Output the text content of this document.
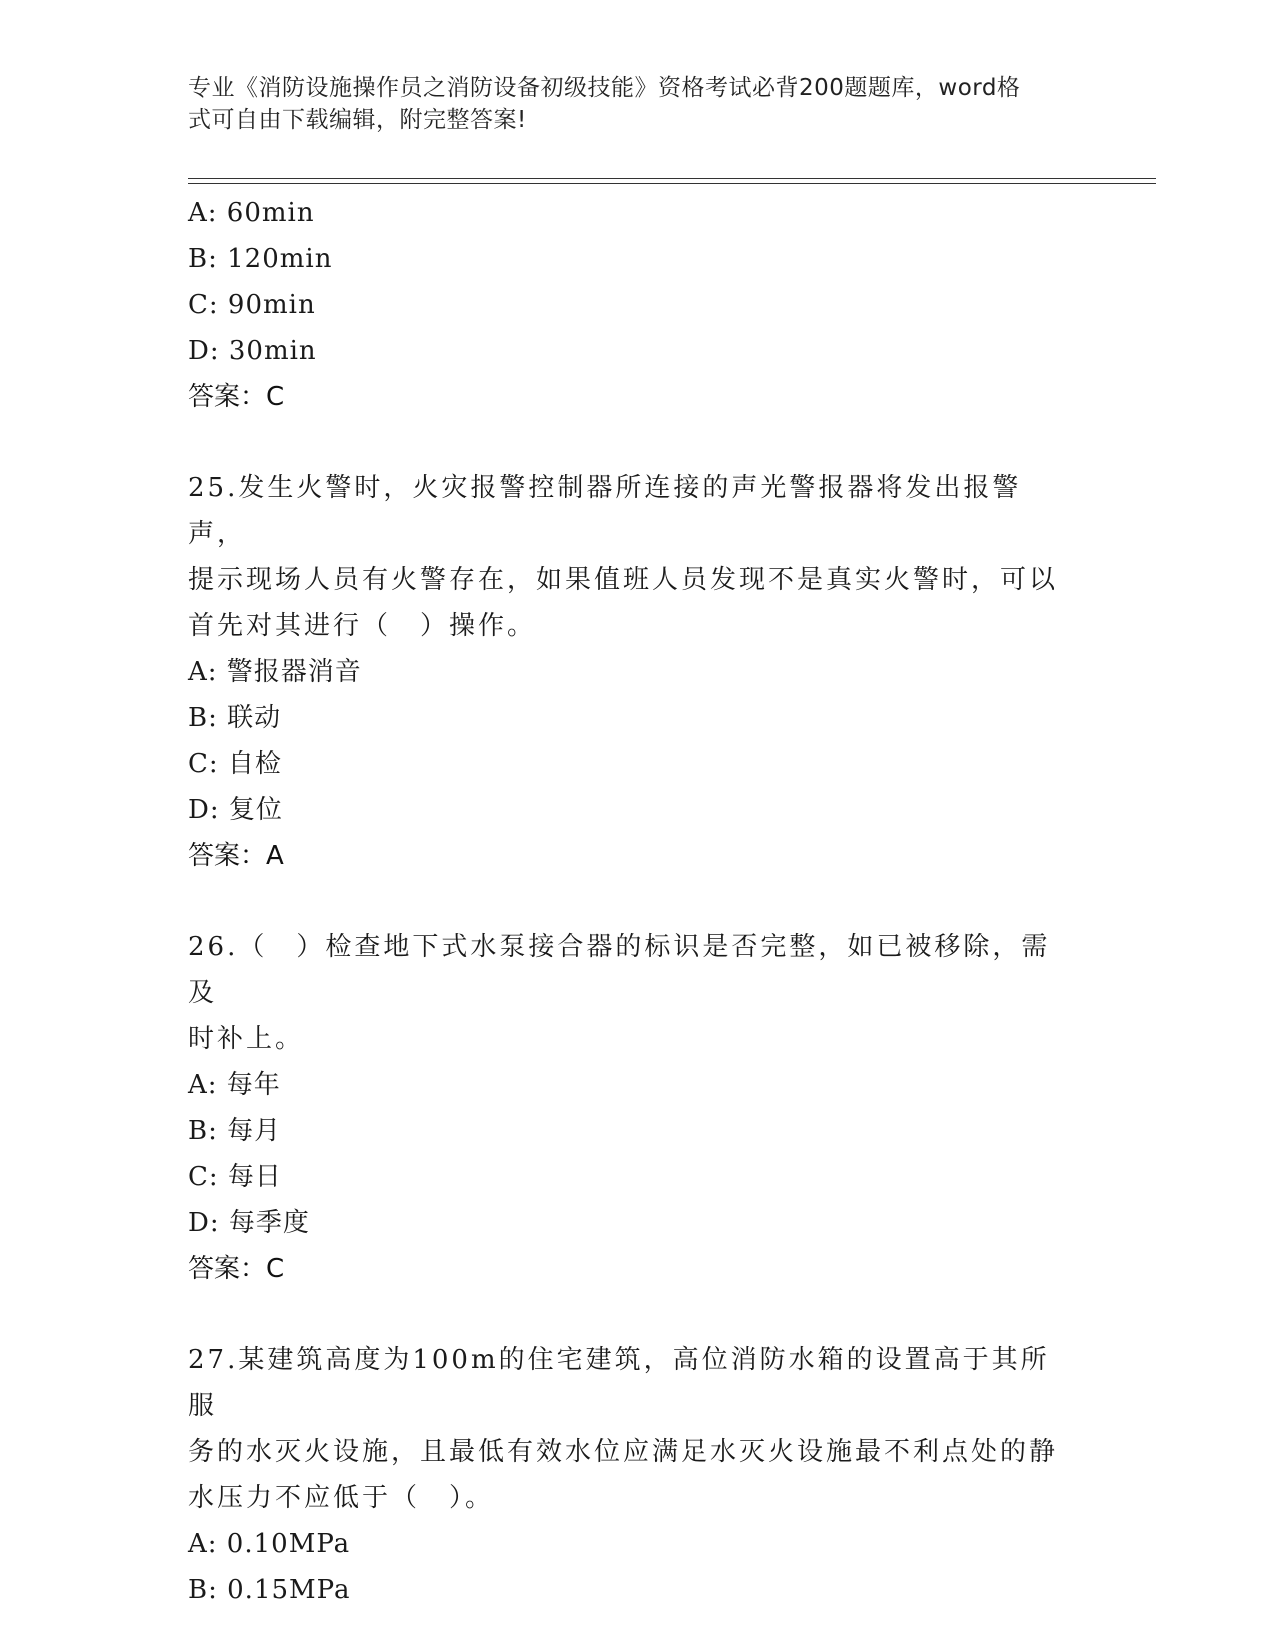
专业《消防设施操作员之消防设备初级技能》资格考试必背200题题库，word格
式可自由下载编辑，附完整答案!
A: 60min
B: 120min
C: 90min
D: 30min
答案：C
25.发生火警时，火灾报警控制器所连接的声光警报器将发出报警声，
提示现场人员有火警存在，如果值班人员发现不是真实火警时，可以
首先对其进行（　）操作。
A: 警报器消音
B: 联动
C: 自检
D: 复位
答案：A
26.（　）检查地下式水泵接合器的标识是否完整，如已被移除，需及
时补上。
A: 每年
B: 每月
C: 每日
D: 每季度
答案：C
27.某建筑高度为100m的住宅建筑，高位消防水箱的设置高于其所服
务的水灭火设施，且最低有效水位应满足水灭火设施最不利点处的静
水压力不应低于（　）。
A: 0.10MPa
B: 0.15MPa
